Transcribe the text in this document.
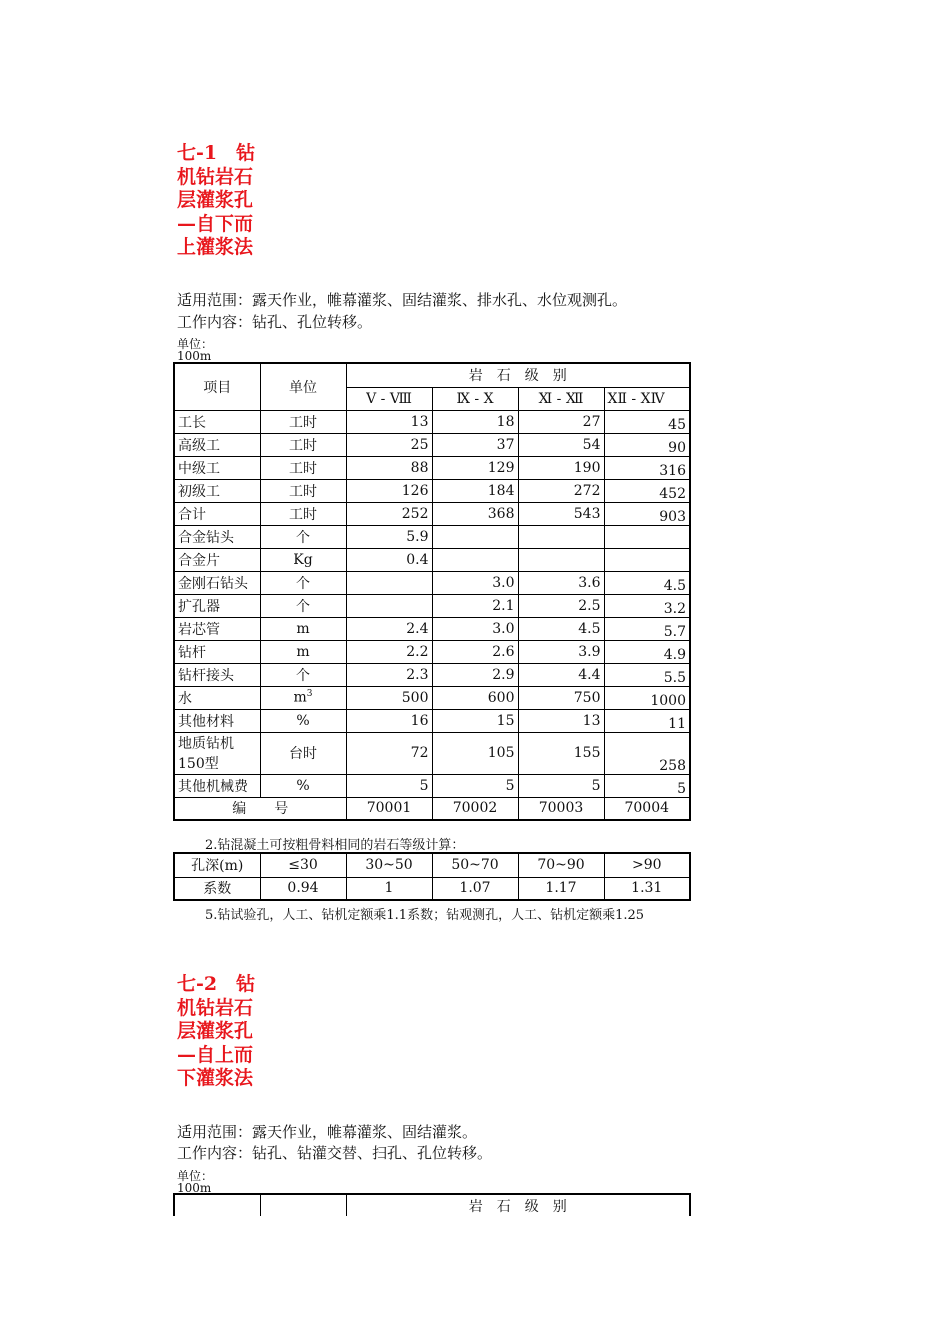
七-1　钻
机钻岩石
层灌浆孔
—自下而
上灌浆法
适用范围：露天作业，帷幕灌浆、固结灌浆、排水孔、水位观测孔。
工作内容：钻孔、孔位转移。
单位：
100m
项目	单位	岩　石　级　别			
		Ⅴ - Ⅷ	Ⅸ - Ⅹ	Ⅺ - Ⅻ	ⅩⅡ - ⅩⅣ

工长	工时	13	18	27	45

高级工	工时	25	37	54	90

中级工	工时	88	129	190	316

初级工	工时	126	184	272	452

合计	工时	252	368	543	903

合金钻头	个	5.9			

合金片	Kg	0.4			

金刚石钻头	个		3.0	3.6	4.5

扩孔器	个		2.1	2.5	3.2

岩芯管	m	2.4	3.0	4.5	5.7

钻杆	m	2.2	2.6	3.9	4.9

钻杆接头	个	2.3	2.9	4.4	5.5

水	$m^3$	500	600	750	1000

其他材料	%	16	15	13	11

地质钻机
150型	台时	72	105	155	258

其他机械费	%	5	5	5	5
编　　号		70001	70002	70003	70004
2.钻混凝土可按粗骨料相同的岩石等级计算：
孔深(m)	≤30	30~50	50~70	70~90	>90
系数	0.94	1	1.07	1.17	1.31
5.钻试验孔，人工、钻机定额乘1.1系数；钻观测孔，人工、钻机定额乘1.25
七-2　钻
机钻岩石
层灌浆孔
—自上而
下灌浆法
适用范围：露天作业，帷幕灌浆、固结灌浆。
工作内容：钻孔、钻灌交替、扫孔、孔位转移。
单位：
100m
		岩　石　级　别			
